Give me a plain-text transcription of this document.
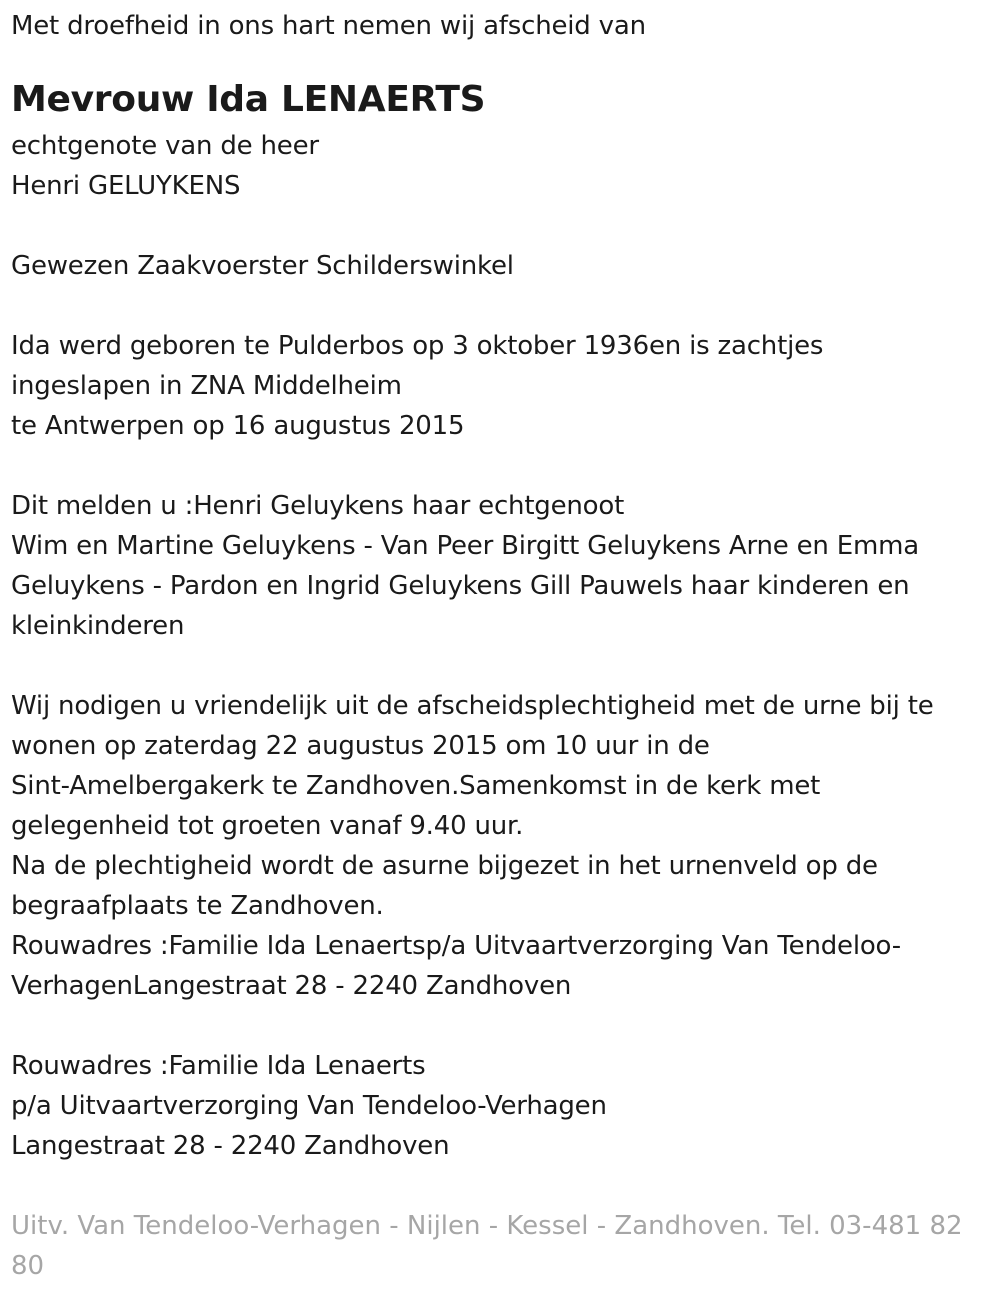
Met droefheid in ons hart nemen wij afscheid van
Mevrouw Ida LENAERTS
echtgenote van de heer
Henri GELUYKENS
Gewezen Zaakvoerster Schilderswinkel
Ida werd geboren te Pulderbos op 3 oktober 1936en is zachtjes
ingeslapen in ZNA Middelheim
te Antwerpen op 16 augustus 2015
Dit melden u :Henri Geluykens haar echtgenoot
Wim en Martine Geluykens - Van Peer Birgitt Geluykens Arne en Emma
Geluykens - Pardon en Ingrid Geluykens Gill Pauwels haar kinderen en
kleinkinderen
Wij nodigen u vriendelijk uit de afscheidsplechtigheid met de urne bij te
wonen op zaterdag 22 augustus 2015 om 10 uur in de
Sint-Amelbergakerk te Zandhoven.Samenkomst in de kerk met
gelegenheid tot groeten vanaf 9.40 uur.
Na de plechtigheid wordt de asurne bijgezet in het urnenveld op de
begraafplaats te Zandhoven.
Rouwadres :Familie Ida Lenaertsp/a Uitvaartverzorging Van Tendeloo-
VerhagenLangestraat 28 - 2240 Zandhoven
Rouwadres :Familie Ida Lenaerts
p/a Uitvaartverzorging Van Tendeloo-Verhagen
Langestraat 28 - 2240 Zandhoven
Uitv. Van Tendeloo-Verhagen - Nijlen - Kessel - Zandhoven. Tel. 03-481 82 80
